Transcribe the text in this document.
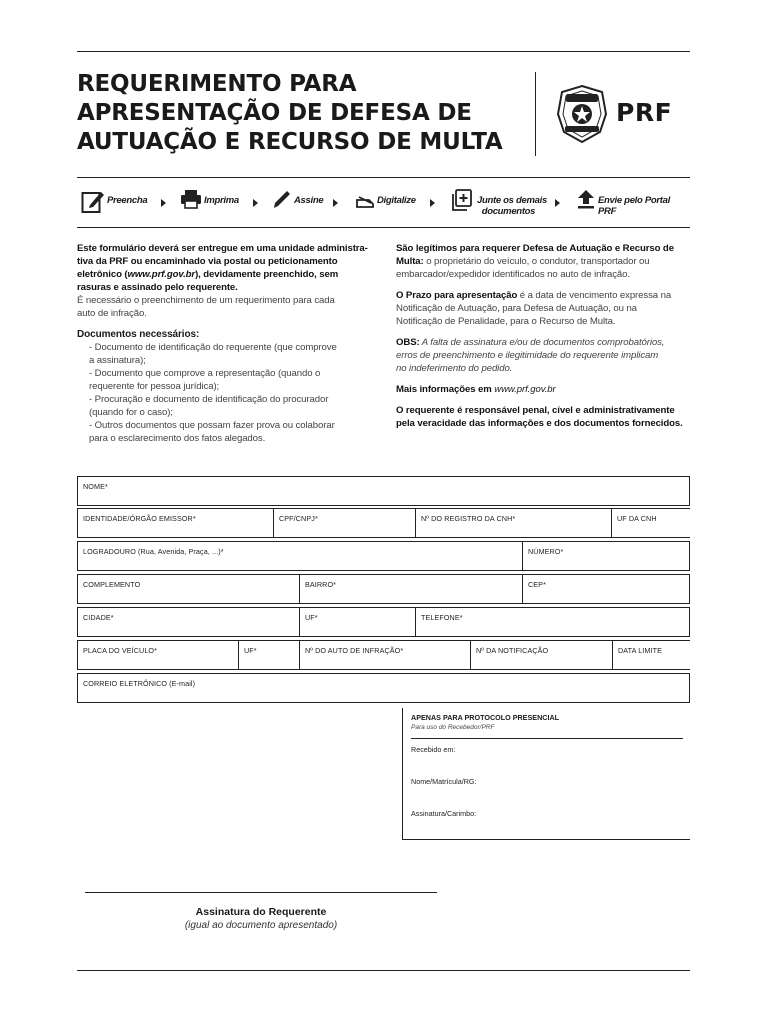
REQUERIMENTO PARA
APRESENTAÇÃO DE DEFESA DE
AUTUAÇÃO E RECURSO DE MULTA
PRF
Preencha	Imprima	Assine	Digitalize	Junte os demais
documentos
Envie pelo Portal PRF

Este formulário deverá ser entregue em uma unidade administra-
tiva da PRF ou encaminhado via postal ou peticionamento
eletrônico (www.prf.gov.br), devidamente preenchido, sem
rasuras e assinado pelo requerente.

É necessário o preenchimento de um requerimento para cada
auto de infração.

Documentos necessários:

- Documento de identificação do requerente (que comprove
a assinatura);
- Documento que comprove a representação (quando o
requerente for pessoa jurídica);
- Procuração e documento de identificação do procurador
(quando for o caso);
- Outros documentos que possam fazer prova ou colaborar
para o esclarecimento dos fatos alegados.

São legítimos para requerer Defesa de Autuação e Recurso de
Multa: o proprietário do veículo, o condutor, transportador ou
embarcador/expedidor identificados no auto de infração.

O Prazo para apresentação é a data de vencimento expressa na
Notificação de Autuação, para Defesa de Autuação, ou na
Notificação de Penalidade, para o Recurso de Multa.

OBS: A falta de assinatura e/ou de documentos comprobatórios,
erros de preenchimento e ilegitimidade do requerente implicam
no indeferimento do pedido.

Mais informações em www.prf.gov.br

O requerente é responsável penal, cível e administrativamente
pela veracidade das informações e dos documentos fornecidos.

NOME*
IDENTIDADE/ÓRGÃO EMISSOR*	CPF/CNPJ*	Nº DO REGISTRO DA CNH*	UF DA CNH
LOGRADOURO (Rua, Avenida, Praça, ...)*	NÚMERO*
COMPLEMENTO	BAIRRO*	CEP*
CIDADE*	UF*	TELEFONE*
PLACA DO VEÍCULO*	UF*	Nº DO AUTO DE INFRAÇÃO*	Nº DA NOTIFICAÇÃO	DATA LIMITE
CORREIO ELETRÔNICO (E-mail)
APENAS PARA PROTOCOLO PRESENCIAL
Para uso do Recebedor/PRF
Recebido em:
Nome/Matrícula/RG:
Assinatura/Carimbo:
Assinatura do Requerente
(igual ao documento apresentado)
